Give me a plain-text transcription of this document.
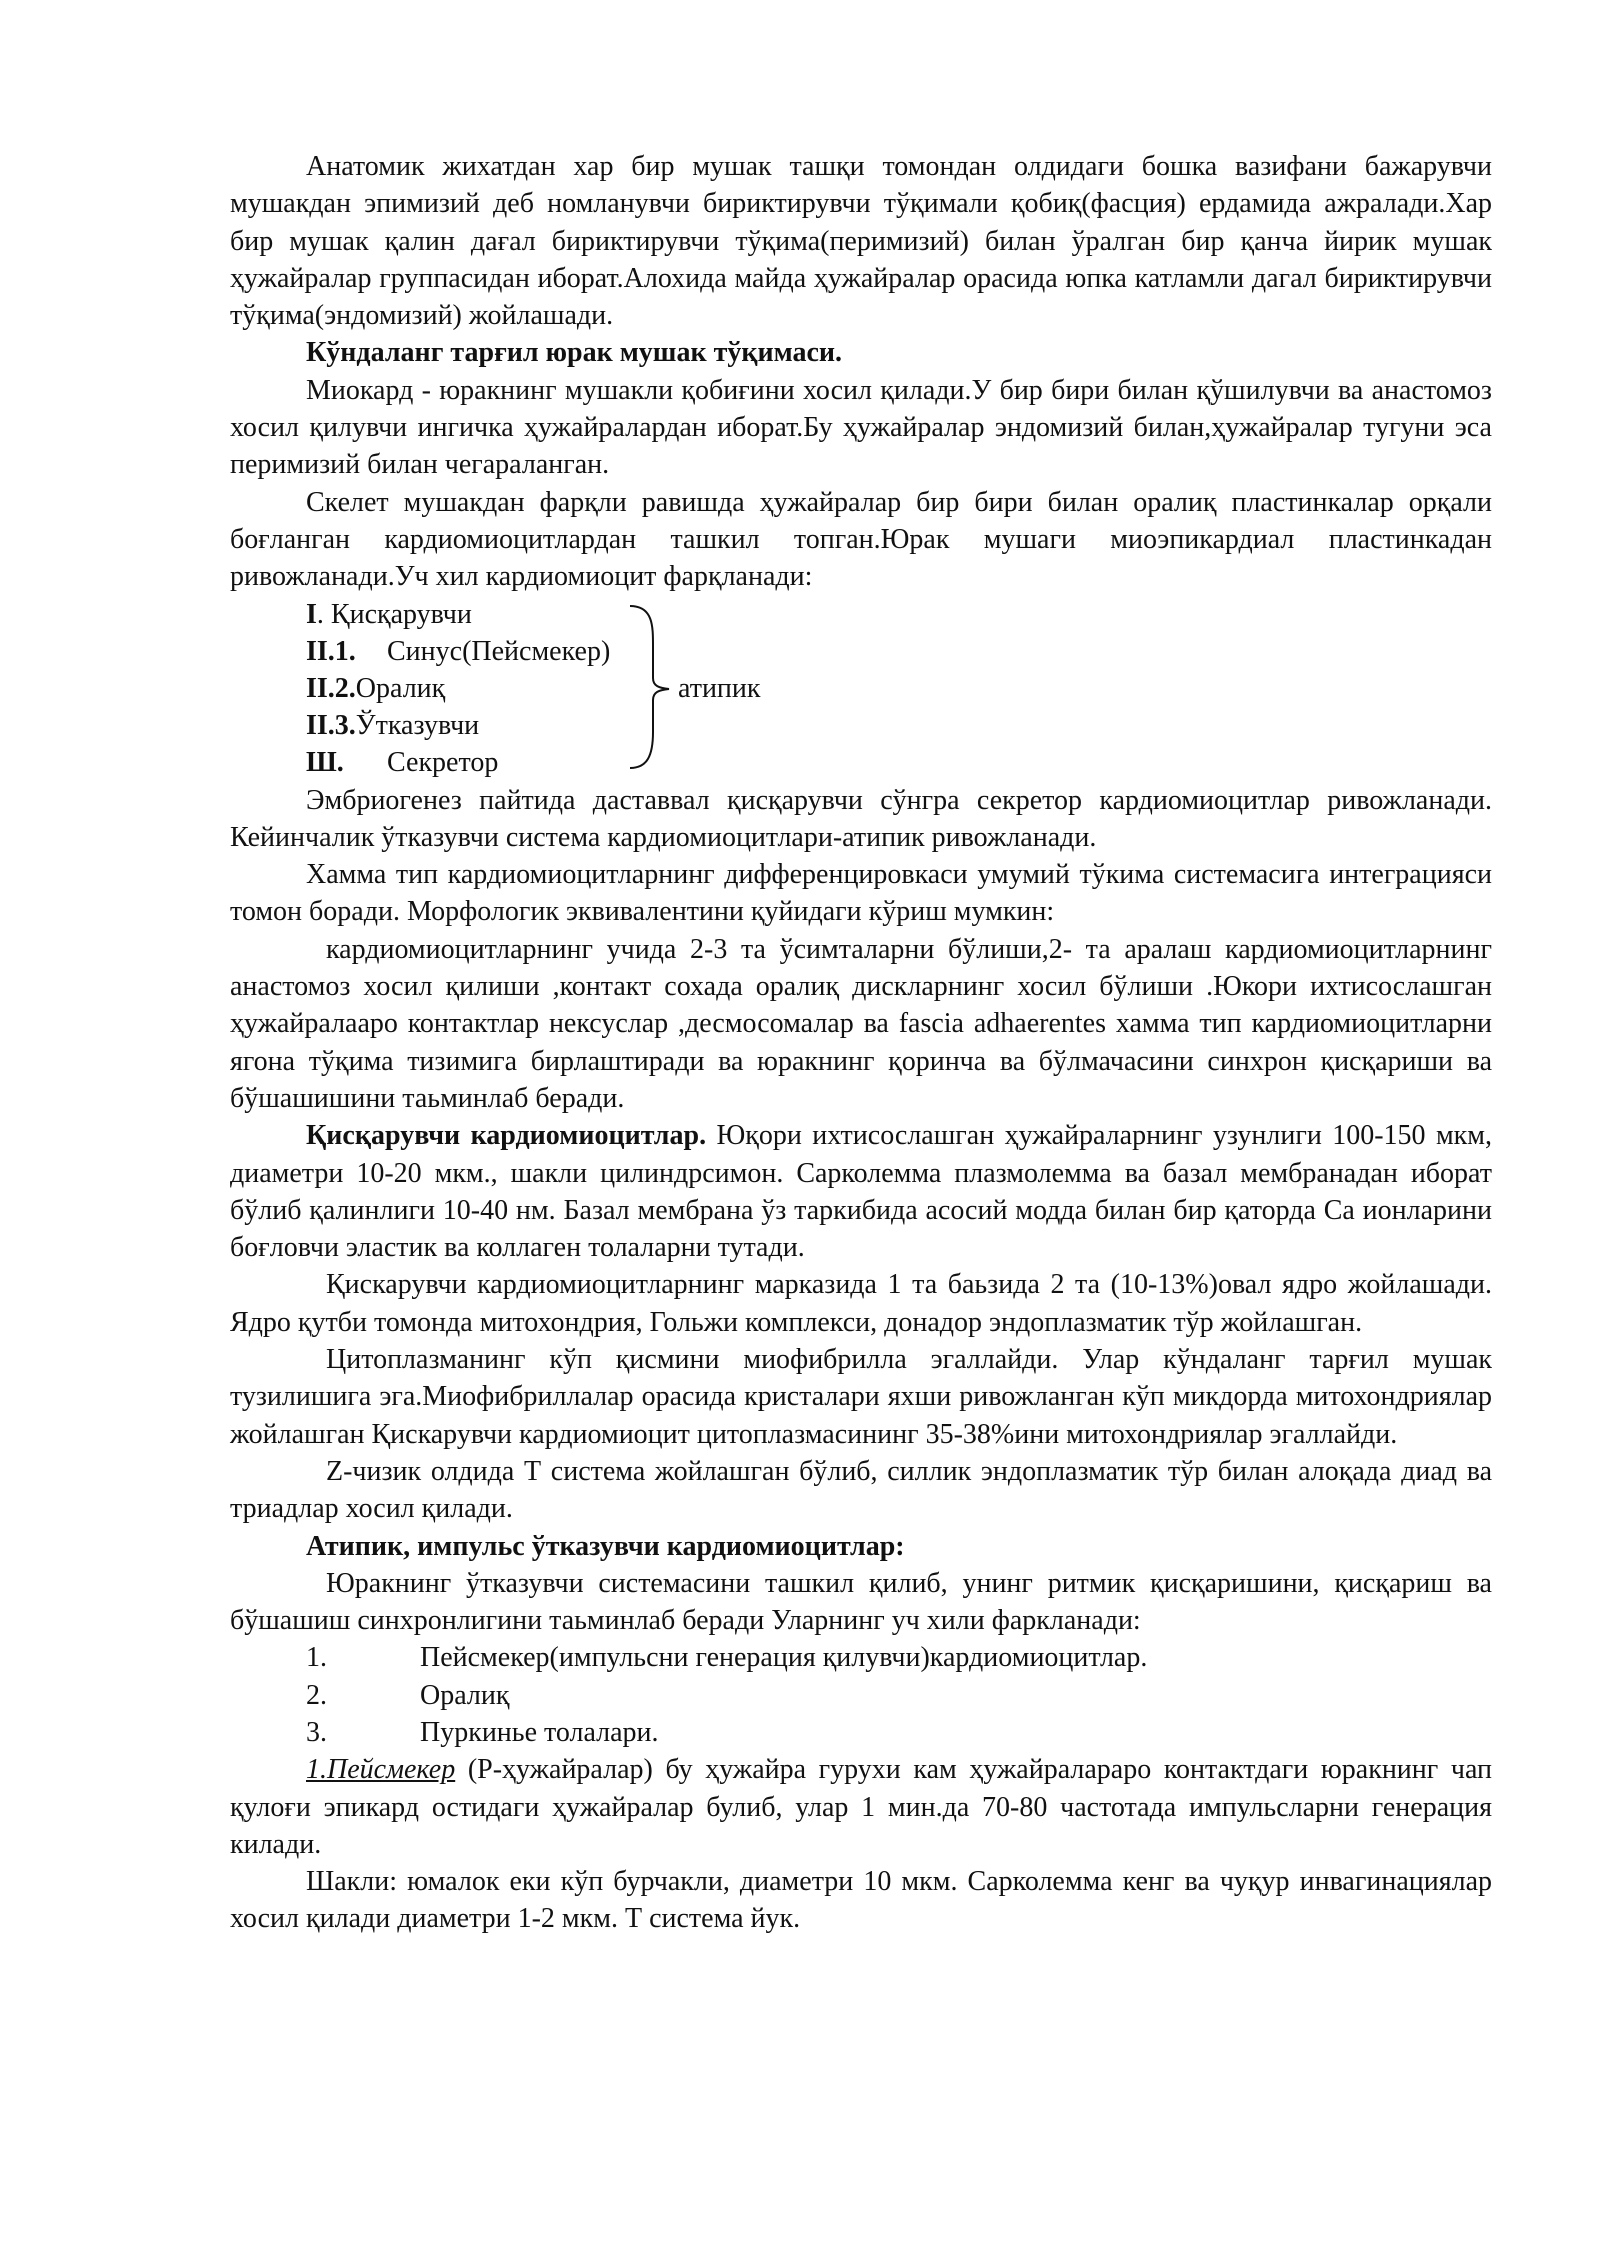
Анатомик жихатдан хар бир мушак ташқи томондан олдидаги бошка вазифани бажарувчи мушакдан эпимизий деб номланувчи бириктирувчи тўқимали қобиқ(фасция) ердамида ажралади.Хар бир мушак қалин дағал бириктирувчи тўқима(перимизий) билан ўралган бир қанча йирик мушак ҳужайралар группасидан иборат.Алохида майда ҳужайралар орасида юпка катламли дагал бириктирувчи тўқима(эндомизий) жойлашади.

Кўндаланг тарғил юрак мушак тўқимаси.

Миокард - юракнинг мушакли қобиғини хосил қилади.У бир бири билан қўшилувчи ва анастомоз хосил қилувчи ингичка ҳужайралардан иборат.Бу ҳужайралар эндомизий билан,ҳужайралар тугуни эса перимизий билан чегараланган.

Скелет мушакдан фарқли равишда ҳужайралар бир бири билан оралиқ пластинкалар орқали боғланган кардиомиоцитлардан ташкил топган.Юрак мушаги миоэпикардиал пластинкадан ривожланади.Уч хил кардиомиоцит фарқланади:

I. Қисқарувчи
II.1. Синус(Пейсмекер)
II.2.Оралиқ
II.3.Ўтказувчи
Ш. Секретор
атипик

Эмбриогенез пайтида даставвал қисқарувчи сўнгра секретор кардиомиоцитлар ривожланади. Кейинчалик ўтказувчи система кардиомиоцитлари-атипик ривожланади.

Хамма тип кардиомиоцитларнинг дифференцировкаси умумий тўкима системасига интеграцияси томон боради. Морфологик эквивалентини қуйидаги кўриш мумкин:

кардиомиоцитларнинг учида 2-3 та ўсимталарни бўлиши,2- та аралаш кардиомиоцитларнинг анастомоз хосил қилиши ,контакт сохада оралиқ дискларнинг хосил бўлиши .Юкори ихтисослашган ҳужайралааро контактлар нексуслар ,десмосомалар ва fascia adhaerentes хамма тип кардиомиоцитларни ягона тўқима тизимига бирлаштиради ва юракнинг қоринча ва бўлмачасини синхрон қисқариши ва бўшашишини таьминлаб беради.

Қисқарувчи кардиомиоцитлар. Юқори ихтисослашган ҳужайраларнинг узунлиги 100-150 мкм, диаметри 10-20 мкм., шакли цилиндрсимон. Сарколемма плазмолемма ва базал мембранадан иборат бўлиб қалинлиги 10-40 нм. Базал мембрана ўз таркибида асосий модда билан бир қаторда Са ионларини боғловчи эластик ва коллаген толаларни тутади.

Қискарувчи кардиомиоцитларнинг марказида 1 та баьзида 2 та (10-13%)овал ядро жойлашади. Ядро қутби томонда митохондрия, Гольжи комплекси, донадор эндоплазматик тўр жойлашган.

Цитоплазманинг кўп қисмини миофибрилла эгаллайди. Улар кўндаланг тарғил мушак тузилишига эга.Миофибриллалар орасида кристалари яхши ривожланган кўп микдорда митохондриялар жойлашган Қискарувчи кардиомиоцит цитоплазмасининг 35-38%ини митохондриялар эгаллайди.

Z-чизик олдида Т система жойлашган бўлиб, силлик эндоплазматик тўр билан алоқада диад ва триадлар хосил қилади.

Атипик, импульс ўтказувчи кардиомиоцитлар:

Юракнинг ўтказувчи системасини ташкил қилиб, унинг ритмик қисқаришини, қисқариш ва бўшашиш синхронлигини таьминлаб беради Уларнинг уч хили фаркланади:

1.	Пейсмекер(импульсни генерация қилувчи)кардиомиоцитлар.
2.	Оралиқ
3.	Пуркинье толалари.

1.Пейсмекер (Р-ҳужайралар) бу ҳужайра гурухи кам ҳужайралараро контактдаги юракнинг чап қулоғи эпикард остидаги ҳужайралар булиб, улар 1 мин.да 70-80 частотада импульсларни генерация килади.

Шакли: юмалок еки кўп бурчакли, диаметри 10 мкм. Сарколемма кенг ва чуқур инвагинациялар хосил қилади диаметри 1-2 мкм. Т система йук.
